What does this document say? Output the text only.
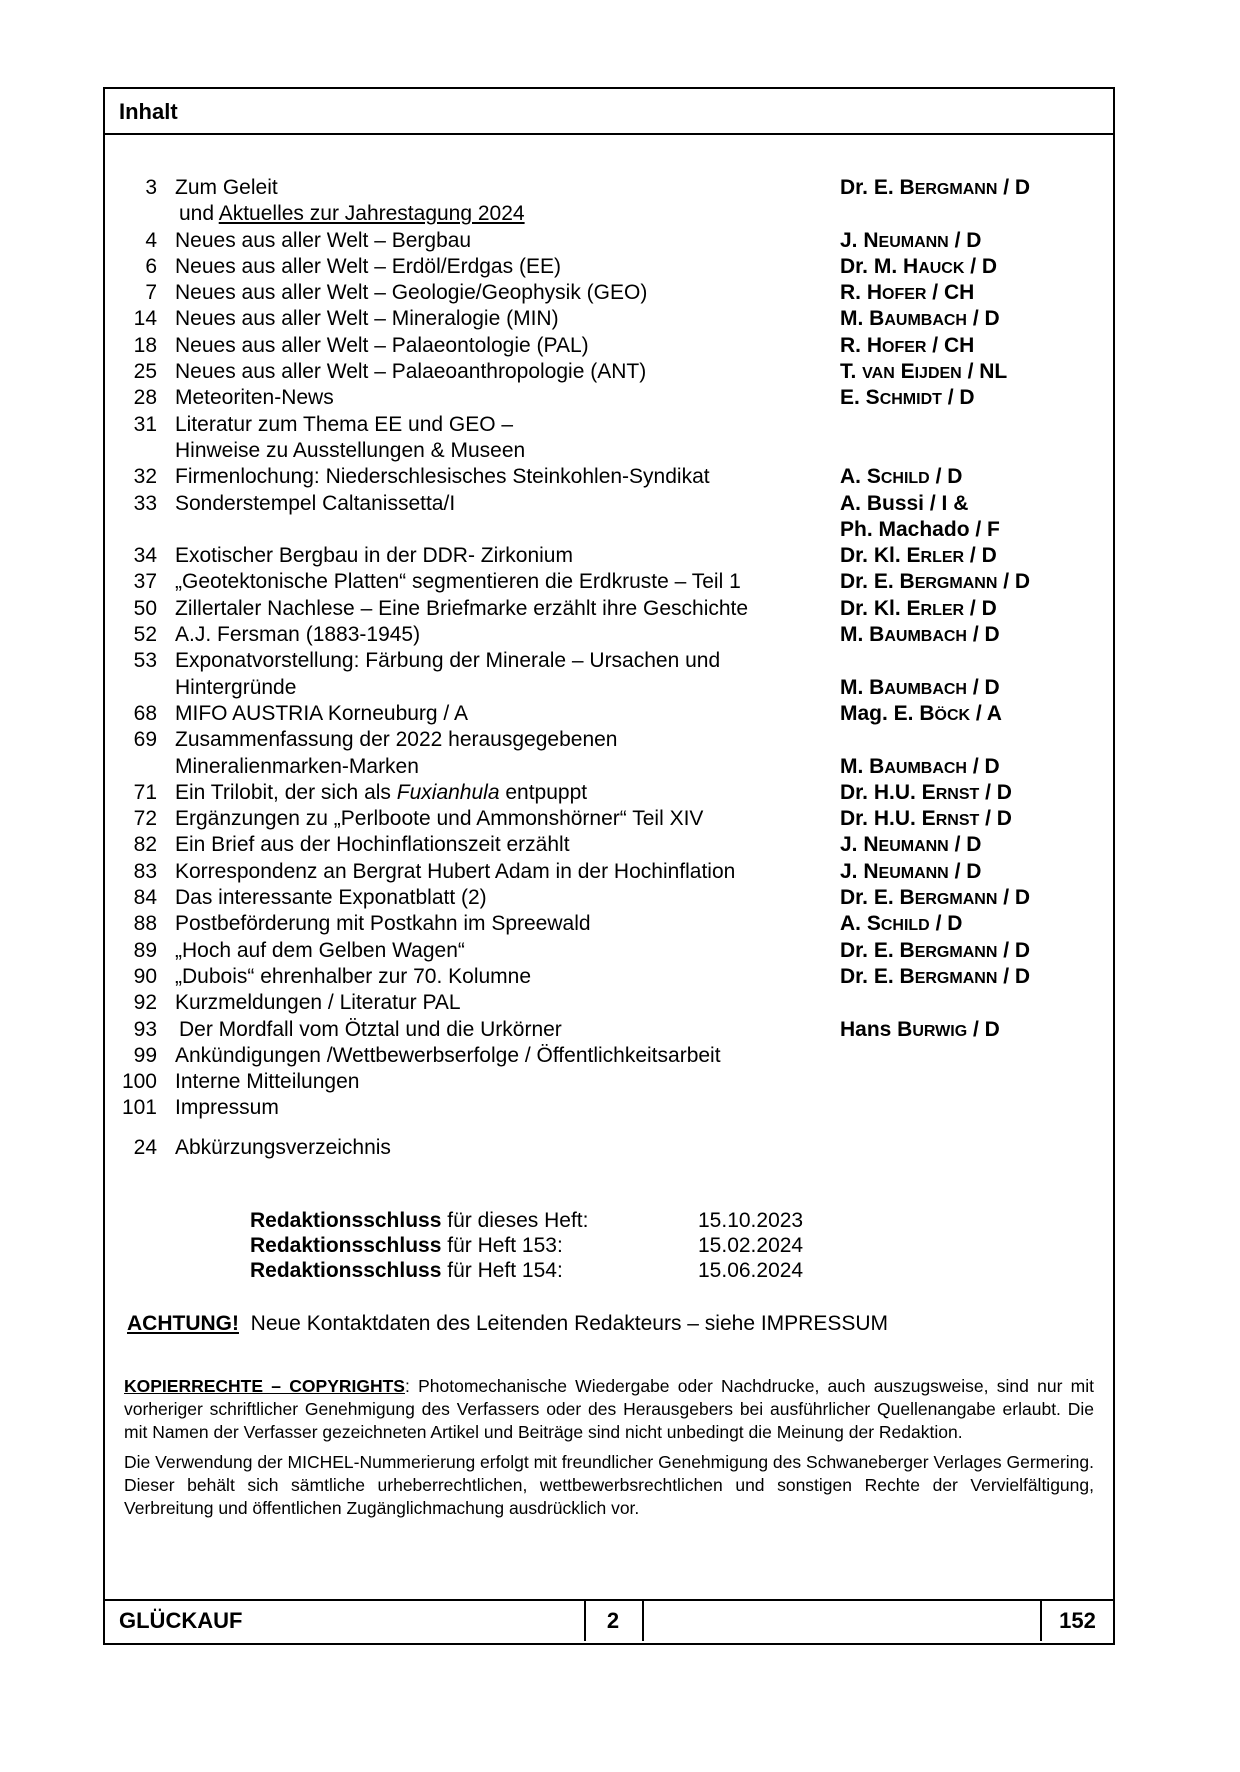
Inhalt
3 Zum Geleit	Dr. E. BERGMANN / D
und Aktuelles zur Jahrestagung 2024
4 Neues aus aller Welt – Bergbau	J. NEUMANN / D
6 Neues aus aller Welt – Erdöl/Erdgas (EE)	Dr. M. HAUCK / D
7 Neues aus aller Welt – Geologie/Geophysik (GEO)	R. HOFER / CH
14 Neues aus aller Welt – Mineralogie (MIN)	M. BAUMBACH / D
18 Neues aus aller Welt – Palaeontologie (PAL)	R. HOFER / CH
25 Neues aus aller Welt – Palaeoanthropologie (ANT)	T. VAN EIJDEN / NL
28 Meteoriten-News	E. SCHMIDT / D
31 Literatur zum Thema EE und GEO –
Hinweise zu Ausstellungen & Museen
32 Firmenlochung: Niederschlesisches Steinkohlen-Syndikat	A. SCHILD / D
33 Sonderstempel Caltanissetta/I	A. Bussi / I &
Ph. Machado / F
34 Exotischer Bergbau in der DDR- Zirkonium	Dr. Kl. ERLER / D
37 „Geotektonische Platten“ segmentieren die Erdkruste – Teil 1	Dr. E. BERGMANN / D
50 Zillertaler Nachlese – Eine Briefmarke erzählt ihre Geschichte	Dr. Kl. ERLER / D
52 A.J. Fersman (1883-1945)	M. BAUMBACH / D
53 Exponatvorstellung: Färbung der Minerale – Ursachen und
Hintergründe	M. BAUMBACH / D
68 MIFO AUSTRIA Korneuburg / A	Mag. E. BÖCK / A
69 Zusammenfassung der 2022 herausgegebenen
Mineralienmarken-Marken	M. BAUMBACH / D
71 Ein Trilobit, der sich als Fuxianhula entpuppt	Dr. H.U. ERNST / D
72 Ergänzungen zu „Perlboote und Ammonshörner“ Teil XIV	Dr. H.U. ERNST / D
82 Ein Brief aus der Hochinflationszeit erzählt	J. NEUMANN / D
83 Korrespondenz an Bergrat Hubert Adam in der Hochinflation	J. NEUMANN / D
84 Das interessante Exponatblatt (2)	Dr. E. BERGMANN / D
88 Postbeförderung mit Postkahn im Spreewald	A. SCHILD / D
89 „Hoch auf dem Gelben Wagen“	Dr. E. BERGMANN / D
90 „Dubois“ ehrenhalber zur 70. Kolumne	Dr. E. BERGMANN / D
92 Kurzmeldungen / Literatur PAL
93 Der Mordfall vom Ötztal und die Urkörner	Hans BURWIG / D
99 Ankündigungen /Wettbewerbserfolge / Öffentlichkeitsarbeit
100 Interne Mitteilungen
101 Impressum
24 Abkürzungsverzeichnis
Redaktionsschluss für dieses Heft:	15.10.2023
Redaktionsschluss für Heft 153:	15.02.2024
Redaktionsschluss für Heft 154:	15.06.2024
ACHTUNG!  Neue Kontaktdaten des Leitenden Redakteurs – siehe IMPRESSUM

KOPIERRECHTE – COPYRIGHTS: Photomechanische Wiedergabe oder Nachdrucke, auch auszugsweise, sind nur mit vorheriger schriftlicher Genehmigung des Verfassers oder des Herausgebers bei ausführlicher Quellenangabe erlaubt. Die mit Namen der Verfasser gezeichneten Artikel und Beiträge sind nicht unbedingt die Meinung der Redaktion.

Die Verwendung der MICHEL-Nummerierung erfolgt mit freundlicher Genehmigung des Schwaneberger Verlages Germering. Dieser behält sich sämtliche urheberrechtlichen, wettbewerbsrechtlichen und sonstigen Rechte der Vervielfältigung, Verbreitung und öffentlichen Zugänglichmachung ausdrücklich vor.

GLÜCKAUF	2	152
